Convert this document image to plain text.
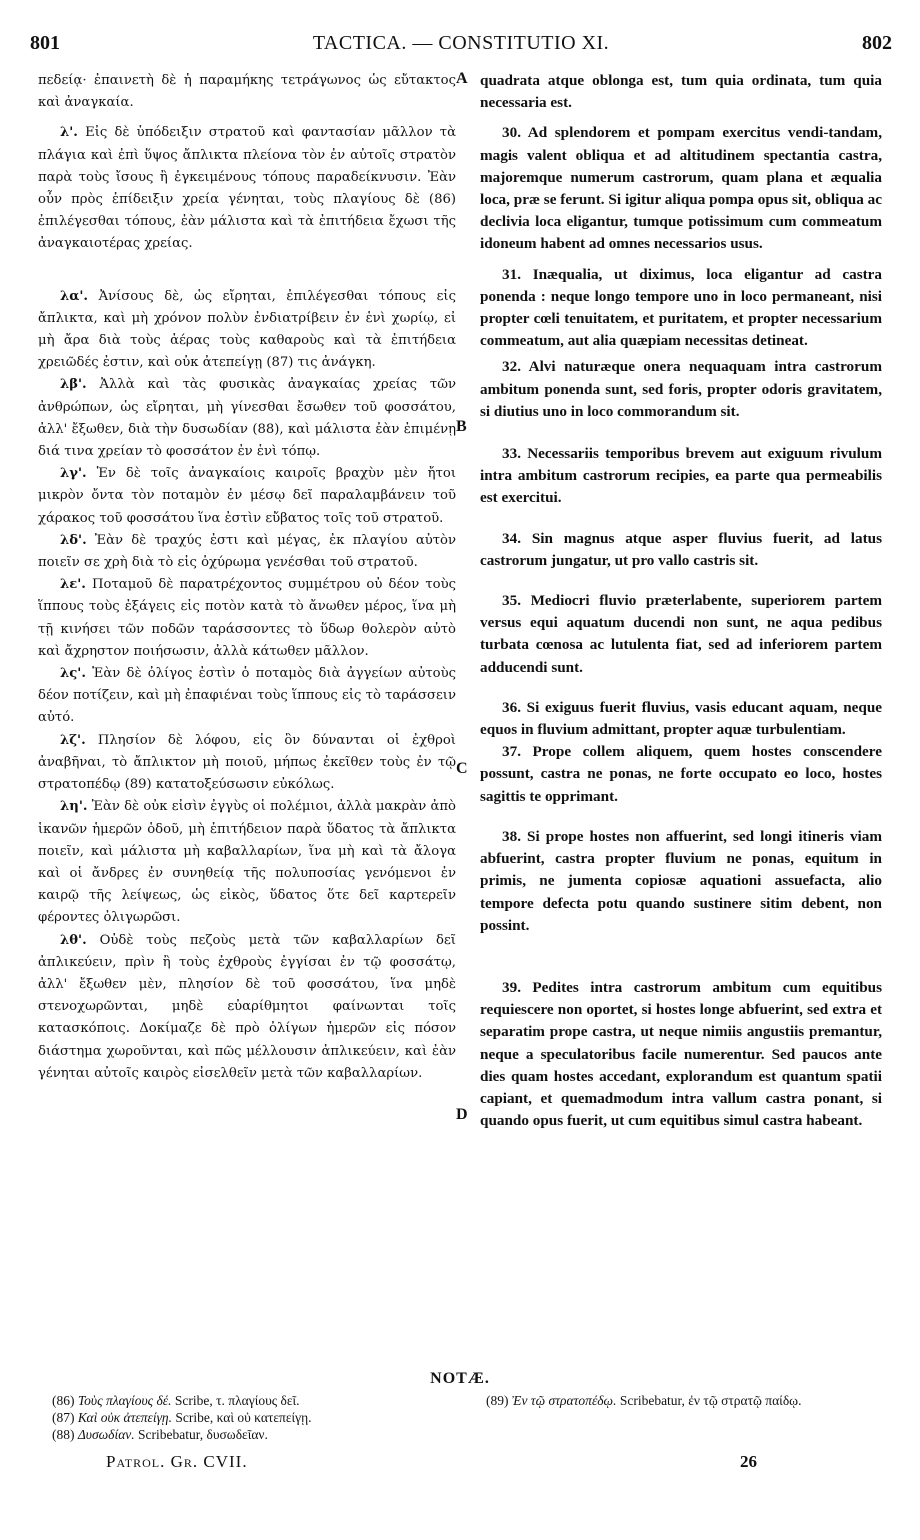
801	TACTICA. — CONSTITUTIO XI.	802
A
B
C
D

πεδείᾳ· ἐπαινετὴ δὲ ἡ παραμήκης τετράγωνος ὡς εὔτακτος καὶ ἀναγκαία.

λ'. Εἰς δὲ ὑπόδειξιν στρατοῦ καὶ φαντασίαν μᾶλλον τὰ πλάγια καὶ ἐπὶ ὕψος ἄπλικτα πλείονα τὸν ἐν αὐτοῖς στρατὸν παρὰ τοὺς ἴσους ἢ ἐγκειμένους τόπους παραδείκνυσιν. Ἐὰν οὖν πρὸς ἐπίδειξιν χρεία γένηται, τοὺς πλαγίους δὲ (86) ἐπιλέγεσθαι τόπους, ἐὰν μάλιστα καὶ τὰ ἐπιτήδεια ἔχωσι τῆς ἀναγκαιοτέρας χρείας.

λα'. Ἀνίσους δὲ, ὡς εἴρηται, ἐπιλέγεσθαι τόπους εἰς ἄπλικτα, καὶ μὴ χρόνον πολὺν ἐνδιατρίβειν ἐν ἑνὶ χωρίῳ, εἰ μὴ ἄρα διὰ τοὺς ἀέρας τοὺς καθαροὺς καὶ τὰ ἐπιτήδεια χρειῶδές ἐστιν, καὶ οὐκ ἀτεπείγῃ (87) τις ἀνάγκη.

λβ'. Ἀλλὰ καὶ τὰς φυσικὰς ἀναγκαίας χρείας τῶν ἀνθρώπων, ὡς εἴρηται, μὴ γίνεσθαι ἔσωθεν τοῦ φοσσάτου, ἀλλ' ἔξωθεν, διὰ τὴν δυσωδίαν (88), καὶ μάλιστα ἐὰν ἐπιμένῃ διά τινα χρείαν τὸ φοσσάτον ἐν ἑνὶ τόπῳ.

λγ'. Ἐν δὲ τοῖς ἀναγκαίοις καιροῖς βραχὺν μὲν ἤτοι μικρὸν ὄντα τὸν ποταμὸν ἐν μέσῳ δεῖ παραλαμβάνειν τοῦ χάρακος τοῦ φοσσάτου ἵνα ἐστὶν εὔβατος τοῖς τοῦ στρατοῦ.

λδ'. Ἐὰν δὲ τραχύς ἐστι καὶ μέγας, ἐκ πλαγίου αὐτὸν ποιεῖν σε χρὴ διὰ τὸ εἰς ὀχύρωμα γενέσθαι τοῦ στρατοῦ.

λε'. Ποταμοῦ δὲ παρατρέχοντος συμμέτρου οὐ δέον τοὺς ἵππους τοὺς ἐξάγεις εἰς ποτὸν κατὰ τὸ ἄνωθεν μέρος, ἵνα μὴ τῇ κινήσει τῶν ποδῶν ταράσσοντες τὸ ὕδωρ θολερὸν αὐτὸ καὶ ἄχρηστον ποιήσωσιν, ἀλλὰ κάτωθεν μᾶλλον.

λς'. Ἐὰν δὲ ὀλίγος ἐστὶν ὁ ποταμὸς διὰ ἀγγείων αὐτοὺς δέον ποτίζειν, καὶ μὴ ἐπαφιέναι τοὺς ἵππους εἰς τὸ ταράσσειν αὐτό.

λζ'. Πλησίον δὲ λόφου, εἰς ὃν δύνανται οἱ ἐχθροὶ ἀναβῆναι, τὸ ἄπλικτον μὴ ποιοῦ, μήπως ἐκεῖθεν τοὺς ἐν τῷ στρατοπέδῳ (89) κατατοξεύσωσιν εὐκόλως.

λη'. Ἐὰν δὲ οὐκ εἰσὶν ἐγγὺς οἱ πολέμιοι, ἀλλὰ μακρὰν ἀπὸ ἱκανῶν ἡμερῶν ὁδοῦ, μὴ ἐπιτήδειον παρὰ ὕδατος τὰ ἄπλικτα ποιεῖν, καὶ μάλιστα μὴ καβαλλαρίων, ἵνα μὴ καὶ τὰ ἄλογα καὶ οἱ ἄνδρες ἐν συνηθείᾳ τῆς πολυποσίας γενόμενοι ἐν καιρῷ τῆς λείψεως, ὡς εἰκὸς, ὕδατος ὅτε δεῖ καρτερεῖν φέροντες ὀλιγωρῶσι.

λθ'. Οὐδὲ τοὺς πεζοὺς μετὰ τῶν καβαλλαρίων δεῖ ἀπλικεύειν, πρὶν ἢ τοὺς ἐχθροὺς ἐγγίσαι ἐν τῷ φοσσάτῳ, ἀλλ' ἔξωθεν μὲν, πλησίον δὲ τοῦ φοσσάτου, ἵνα μηδὲ στενοχωρῶνται, μηδὲ εὐαρίθμητοι φαίνωνται τοῖς κατασκόποις. Δοκίμαζε δὲ πρὸ ὀλίγων ἡμερῶν εἰς πόσον διάστημα χωροῦνται, καὶ πῶς μέλλουσιν ἀπλικεύειν, καὶ ἐὰν γένηται αὐτοῖς καιρὸς εἰσελθεῖν μετὰ τῶν καβαλλαρίων.

quadrata atque oblonga est, tum quia ordinata, tum quia necessaria est.

30. Ad splendorem et pompam exercitus vendi-tandam, magis valent obliqua et ad altitudinem spectantia castra, majoremque numerum castrorum, quam plana et æqualia loca, præ se ferunt. Si igitur aliqua pompa opus sit, obliqua ac declivia loca eligantur, tumque potissimum cum commeatum idoneum habent ad omnes necessarios usus.

31. Inæqualia, ut diximus, loca eligantur ad castra ponenda : neque longo tempore uno in loco permaneant, nisi propter cœli tenuitatem, et puritatem, et propter necessarium commeatum, aut alia quæpiam necessitas detineat.

32. Alvi naturæque onera nequaquam intra castrorum ambitum ponenda sunt, sed foris, propter odoris gravitatem, si diutius uno in loco commorandum sit.

33. Necessariis temporibus brevem aut exiguum rivulum intra ambitum castrorum recipies, ea parte qua permeabilis est exercitui.

34. Sin magnus atque asper fluvius fuerit, ad latus castrorum jungatur, ut pro vallo castris sit.

35. Mediocri fluvio præterlabente, superiorem partem versus equi aquatum ducendi non sunt, ne aqua pedibus turbata cœnosa ac lutulenta fiat, sed ad inferiorem partem adducendi sunt.

36. Si exiguus fuerit fluvius, vasis educant aquam, neque equos in fluvium admittant, propter aquæ turbulentiam.

37. Prope collem aliquem, quem hostes conscendere possunt, castra ne ponas, ne forte occupato eo loco, hostes sagittis te opprimant.

38. Si prope hostes non affuerint, sed longi itineris viam abfuerint, castra propter fluvium ne ponas, equitum in primis, ne jumenta copiosæ aquationi assuefacta, alio tempore defecta potu quando sustinere sitim debent, non possint.

39. Pedites intra castrorum ambitum cum equitibus requiescere non oportet, si hostes longe abfuerint, sed extra et separatim prope castra, ut neque nimiis angustiis premantur, neque a speculatoribus facile numerentur. Sed paucos ante dies quam hostes accedant, explorandum est quantum spatii capiant, et quemadmodum intra vallum castra ponant, si quando opus fuerit, ut cum equitibus simul castra habeant.

NOTÆ.
(86) Τοὺς πλαγίους δέ. Scribe, τ. πλαγίους δεῖ.
(87) Καὶ οὐκ ἀτεπείγῃ. Scribe, καὶ οὐ κατεπείγῃ.
(88) Δυσωδίαν. Scribebatur, δυσωδεῖαν.
(89) Ἐν τῷ στρατοπέδῳ. Scribebatur, ἐν τῷ στρατῷ παίδῳ.
Patrol. Gr. CVII.	26
